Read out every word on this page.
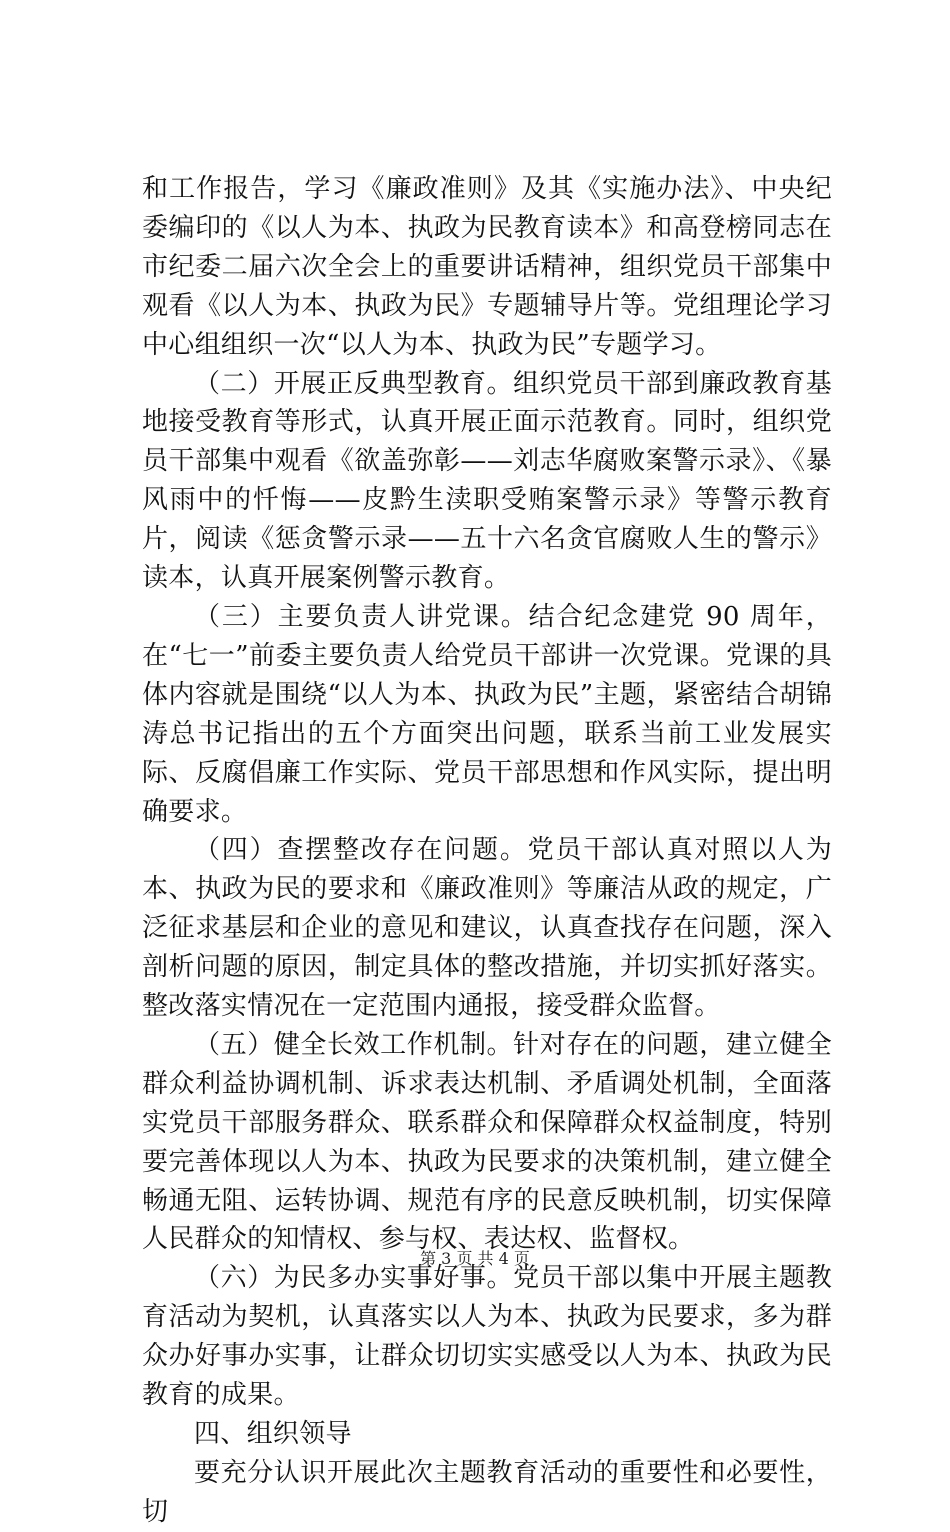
和工作报告，学习《廉政准则》及其《实施办法》、中央纪委编印的《以人为本、执政为民教育读本》和高登榜同志在市纪委二届六次全会上的重要讲话精神，组织党员干部集中观看《以人为本、执政为民》专题辅导片等。党组理论学习中心组组织一次“以人为本、执政为民”专题学习。

（二）开展正反典型教育。组织党员干部到廉政教育基地接受教育等形式，认真开展正面示范教育。同时，组织党员干部集中观看《欲盖弥彰——刘志华腐败案警示录》、《暴风雨中的忏悔——皮黔生渎职受贿案警示录》等警示教育片，阅读《惩贪警示录——五十六名贪官腐败人生的警示》读本，认真开展案例警示教育。

（三）主要负责人讲党课。结合纪念建党 90 周年，在“七一”前委主要负责人给党员干部讲一次党课。党课的具体内容就是围绕“以人为本、执政为民”主题，紧密结合胡锦涛总书记指出的五个方面突出问题，联系当前工业发展实际、反腐倡廉工作实际、党员干部思想和作风实际，提出明确要求。

（四）查摆整改存在问题。党员干部认真对照以人为本、执政为民的要求和《廉政准则》等廉洁从政的规定，广泛征求基层和企业的意见和建议，认真查找存在问题，深入剖析问题的原因，制定具体的整改措施，并切实抓好落实。整改落实情况在一定范围内通报，接受群众监督。

（五）健全长效工作机制。针对存在的问题，建立健全群众利益协调机制、诉求表达机制、矛盾调处机制，全面落实党员干部服务群众、联系群众和保障群众权益制度，特别要完善体现以人为本、执政为民要求的决策机制，建立健全畅通无阻、运转协调、规范有序的民意反映机制，切实保障人民群众的知情权、参与权、表达权、监督权。

（六）为民多办实事好事。党员干部以集中开展主题教育活动为契机，认真落实以人为本、执政为民要求，多为群众办好事办实事，让群众切切实实感受以人为本、执政为民教育的成果。

四、组织领导

要充分认识开展此次主题教育活动的重要性和必要性，切

第 3 页 共 4 页
